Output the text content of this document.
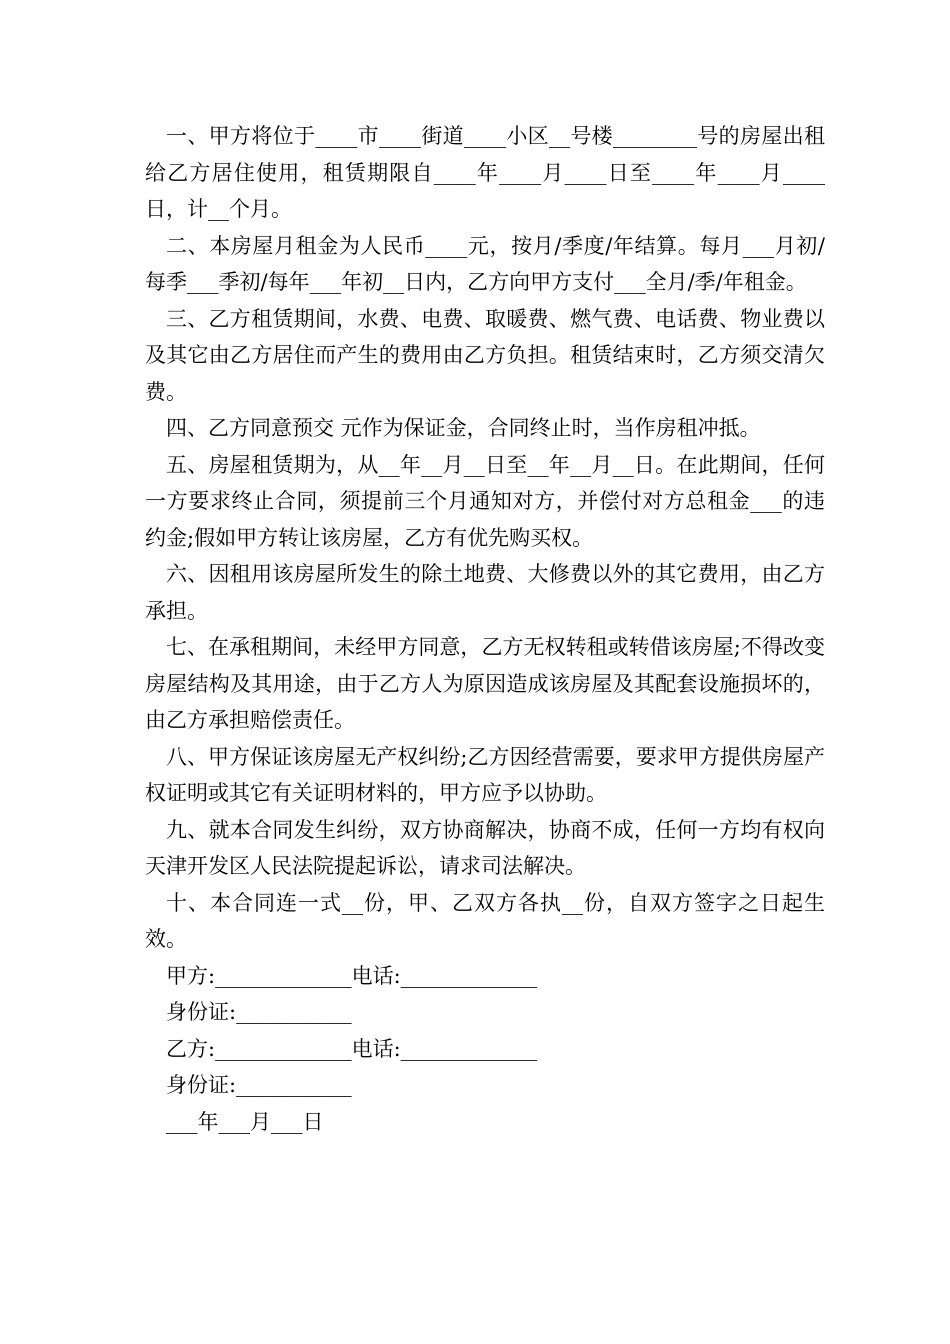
一、甲方将位于____市____街道____小区__号楼________号的房屋出租给乙方居住使用，租赁期限自____年____月____日至____年____月____日，计__个月。

二、本房屋月租金为人民币____元，按月/季度/年结算。每月___月初/每季___季初/每年___年初__日内，乙方向甲方支付___全月/季/年租金。

三、乙方租赁期间，水费、电费、取暖费、燃气费、电话费、物业费以及其它由乙方居住而产生的费用由乙方负担。租赁结束时，乙方须交清欠费。

四、乙方同意预交 元作为保证金，合同终止时，当作房租冲抵。

五、房屋租赁期为，从__年__月__日至__年__月__日。在此期间，任何一方要求终止合同，须提前三个月通知对方，并偿付对方总租金___的违约金;假如甲方转让该房屋，乙方有优先购买权。

六、因租用该房屋所发生的除土地费、大修费以外的其它费用，由乙方承担。

七、在承租期间，未经甲方同意，乙方无权转租或转借该房屋;不得改变房屋结构及其用途，由于乙方人为原因造成该房屋及其配套设施损坏的，由乙方承担赔偿责任。

八、甲方保证该房屋无产权纠纷;乙方因经营需要，要求甲方提供房屋产权证明或其它有关证明材料的，甲方应予以协助。

九、就本合同发生纠纷，双方协商解决，协商不成，任何一方均有权向天津开发区人民法院提起诉讼，请求司法解决。

十、本合同连一式__份，甲、乙双方各执__份，自双方签字之日起生效。

甲方:_____________电话:_____________

身份证:___________

乙方:_____________电话:_____________

身份证:___________

___年___月___日
